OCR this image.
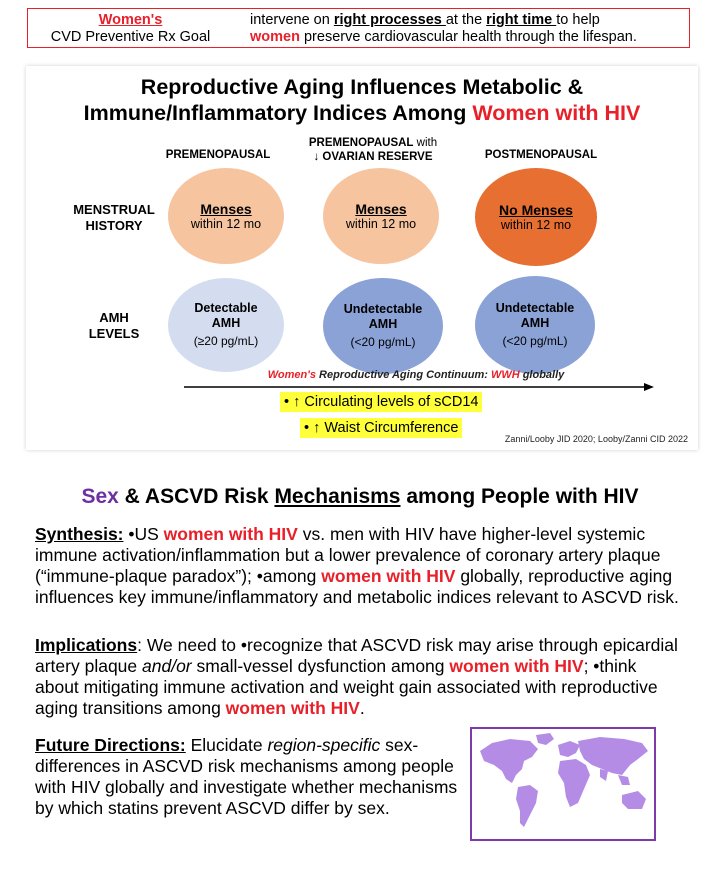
Women's
CVD Preventive Rx Goal
intervene on right processes at the right time to help
women preserve cardiovascular health through the lifespan.
Reproductive Aging Influences Metabolic &
Immune/Inflammatory Indices Among Women with HIV
PREMENOPAUSAL
PREMENOPAUSAL with
↓ OVARIAN RESERVE	POSTMENOPAUSAL
MENSTRUAL
HISTORY
AMH
LEVELS
Menses
within 12 mo
Menses
within 12 mo
No Menses
within 12 mo
Detectable
AMH
(≥20 pg/mL)
Undetectable
AMH
(<20 pg/mL)
Undetectable
AMH
(<20 pg/mL)
Women's Reproductive Aging Continuum: WWH globally
• ↑ Circulating levels of sCD14
• ↑ Waist Circumference
Zanni/Looby JID 2020; Looby/Zanni CID 2022
Sex & ASCVD Risk Mechanisms among People with HIV
Synthesis: •US women with HIV vs. men with HIV have higher-level systemic immune activation/inflammation but a lower prevalence of coronary artery plaque (“immune-plaque paradox”); •among women with HIV globally, reproductive aging influences key immune/inflammatory and metabolic indices relevant to ASCVD risk.
Implications: We need to •recognize that ASCVD risk may arise through epicardial artery plaque and/or small-vessel dysfunction among women with HIV; •think about mitigating immune activation and weight gain associated with reproductive aging transitions among women with HIV.
Future Directions: Elucidate region-specific sex-differences in ASCVD risk mechanisms among people with HIV globally and investigate whether mechanisms by which statins prevent ASCVD differ by sex.
